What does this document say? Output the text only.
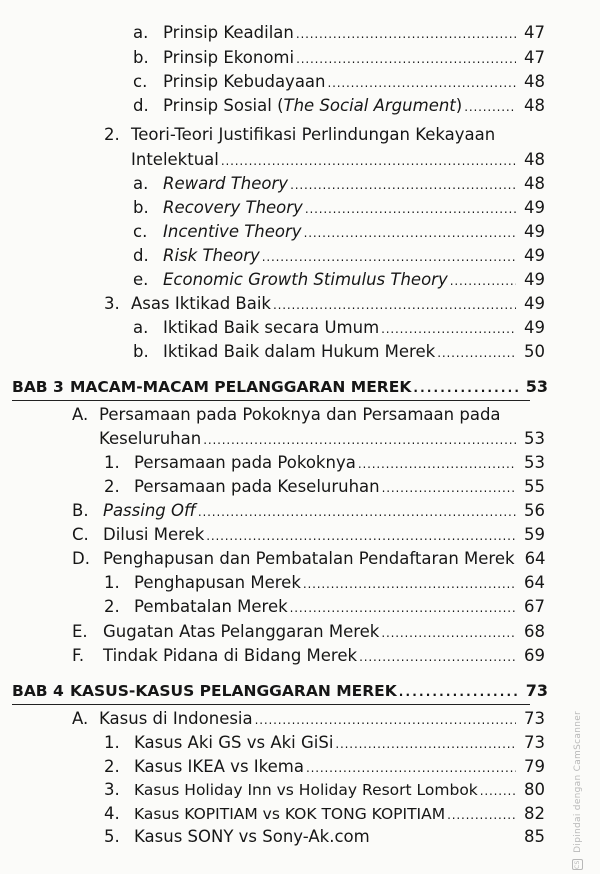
a. Prinsip Keadilan . . .	47
b. Prinsip Ekonomi . . .	47
c. Prinsip Kebudayaan . . .	48
d. Prinsip Sosial (The Social Argument) . . .	48
2. Teori-Teori Justifikasi Perlindungan Kekayaan
Intelektual . . .	48
a. Reward Theory . . .	48
b. Recovery Theory . . .	49
c. Incentive Theory . . .	49
d. Risk Theory . . .	49
e. Economic Growth Stimulus Theory . . .	49
3. Asas Iktikad Baik . . .	49
a. Iktikad Baik secara Umum . . .	49
b. Iktikad Baik dalam Hukum Merek . . .	50
BAB 3 MACAM-MACAM PELANGGARAN MEREK . . .	53
A. Persamaan pada Pokoknya dan Persamaan pada
Keseluruhan . . .	53
1. Persamaan pada Pokoknya . . .	53
2. Persamaan pada Keseluruhan . . .	55
B. Passing Off . . .	56
C. Dilusi Merek . . .	59
D. Penghapusan dan Pembatalan Pendaftaran Merek 64
1. Penghapusan Merek . . .	64
2. Pembatalan Merek . . .	67
E. Gugatan Atas Pelanggaran Merek . . .	68
F.	Tindak Pidana di Bidang Merek . . .	69
BAB 4 KASUS-KASUS PELANGGARAN MEREK . . .	73
A. Kasus di Indonesia . . .	73
1. Kasus Aki GS vs Aki GiSi . . .	73
2. Kasus IKEA vs Ikema . . .	79
3. Kasus Holiday Inn vs Holiday Resort Lombok . . .	80
4. Kasus KOPITIAM vs KOK TONG KOPITIAM . . .	82
5. Kasus SONY vs Sony-Ak.com	85
CS Dipindai dengan CamScanner
